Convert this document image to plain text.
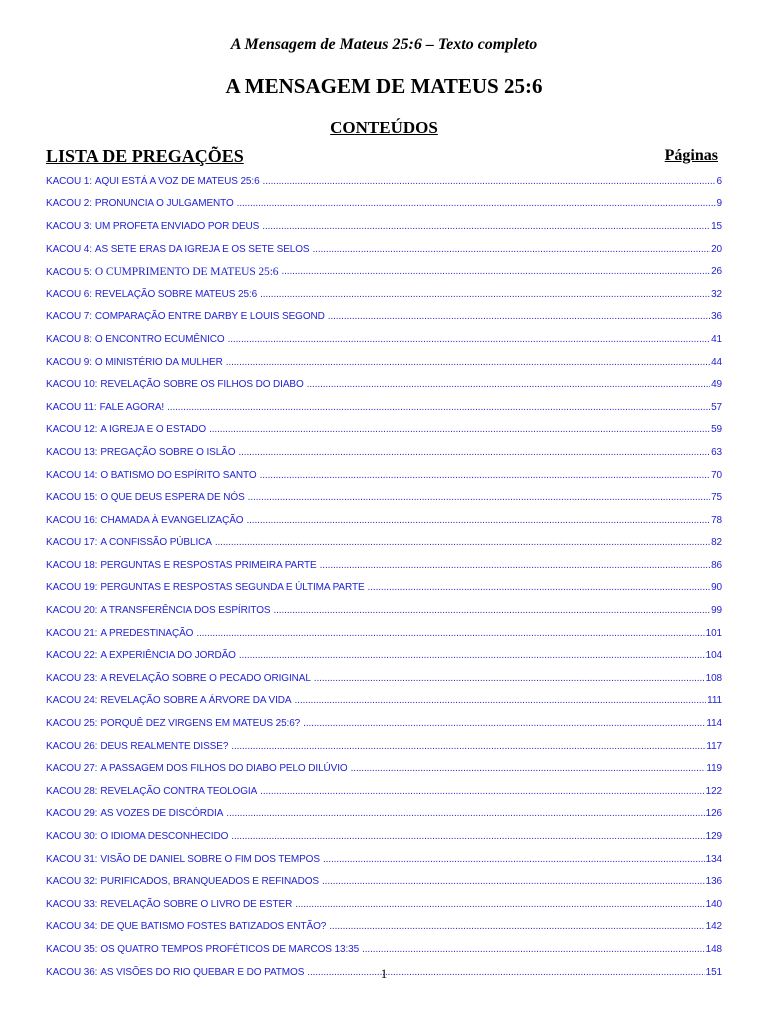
A Mensagem de Mateus 25:6 – Texto completo
A MENSAGEM DE MATEUS 25:6
CONTEÚDOS
LISTA DE PREGAÇÕES	Páginas
KACOU 1: AQUI ESTÁ A VOZ DE MATEUS 25:6 .....	6
KACOU 2: PRONUNCIA O JULGAMENTO .....	9
KACOU 3: UM PROFETA ENVIADO POR DEUS .....	15
KACOU 4: AS SETE ERAS DA IGREJA E OS SETE SELOS .....	20
KACOU 5: O CUMPRIMENTO DE MATEUS 25:6 .....	26
KACOU 6: REVELAÇÃO SOBRE MATEUS 25:6 .....	32
KACOU 7: COMPARAÇÃO ENTRE DARBY E LOUIS SEGOND .....	36
KACOU 8: O ENCONTRO ECUMÊNICO .....	41
KACOU 9: O MINISTÉRIO DA MULHER .....	44
KACOU 10: REVELAÇÃO SOBRE OS FILHOS DO DIABO .....	49
KACOU 11: FALE AGORA! .....	57
KACOU 12: A IGREJA E O ESTADO .....	59
KACOU 13: PREGAÇÃO SOBRE O ISLÃO .....	63
KACOU 14: O BATISMO DO ESPÍRITO SANTO .....	70
KACOU 15: O QUE DEUS ESPERA DE NÓS .....	75
KACOU 16: CHAMADA À EVANGELIZAÇÃO .....	78
KACOU 17: A CONFISSÃO PÚBLICA .....	82
KACOU 18: PERGUNTAS E RESPOSTAS PRIMEIRA PARTE .....	86
KACOU 19: PERGUNTAS E RESPOSTAS SEGUNDA E ÚLTIMA PARTE .....	90
KACOU 20: A TRANSFERÊNCIA DOS ESPÍRITOS .....	99
KACOU 21: A PREDESTINAÇÃO .....	101
KACOU 22: A EXPERIÊNCIA DO JORDÃO .....	104
KACOU 23: A REVELAÇÃO SOBRE O PECADO ORIGINAL .....	108
KACOU 24: REVELAÇÃO SOBRE A ÁRVORE DA VIDA .....	111
KACOU 25: PORQUÊ DEZ VIRGENS EM MATEUS 25:6? .....	114
KACOU 26: DEUS REALMENTE DISSE? .....	117
KACOU 27: A PASSAGEM DOS FILHOS DO DIABO PELO DILÚVIO .....	119
KACOU 28: REVELAÇÃO CONTRA TEOLOGIA .....	122
KACOU 29: AS VOZES DE DISCÓRDIA .....	126
KACOU 30: O IDIOMA DESCONHECIDO .....	129
KACOU 31: VISÃO DE DANIEL SOBRE O FIM DOS TEMPOS .....	134
KACOU 32: PURIFICADOS, BRANQUEADOS E REFINADOS .....	136
KACOU 33: REVELAÇÃO SOBRE O LIVRO DE ESTER .....	140
KACOU 34: DE QUE BATISMO FOSTES BATIZADOS ENTÃO? .....	142
KACOU 35: OS QUATRO TEMPOS PROFÉTICOS DE MARCOS 13:35 .....	148
KACOU 36: AS VISÕES DO RIO QUEBAR E DO PATMOS .....	151
1
